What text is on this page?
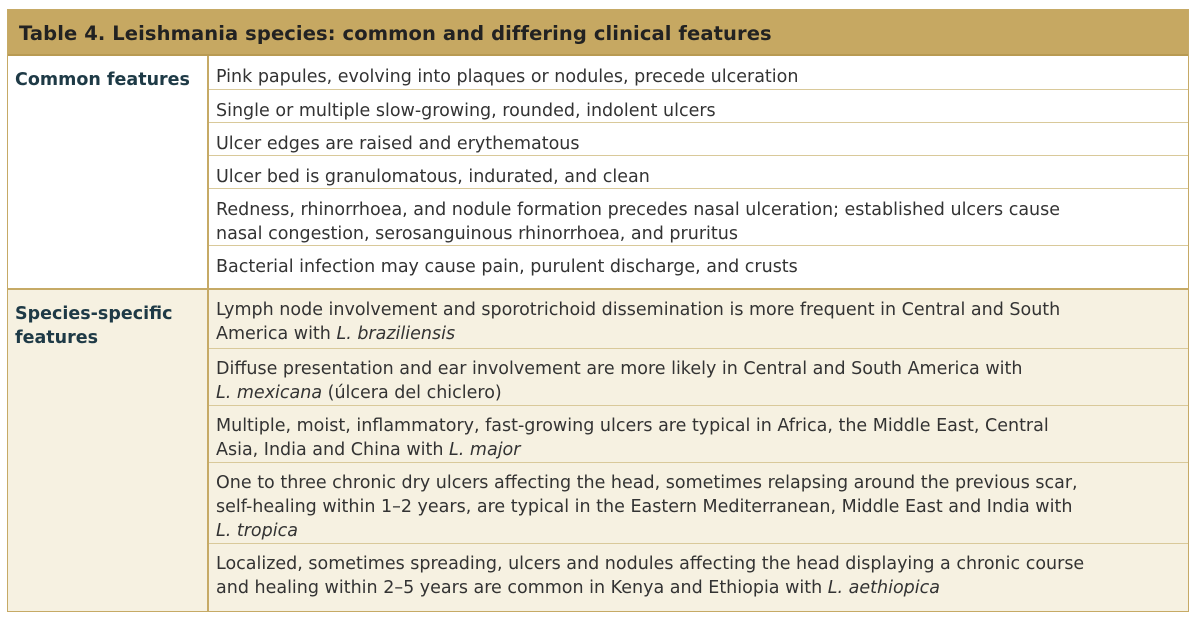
Table 4. Leishmania species: common and differing clinical features
Common features Pink papules, evolving into plaques or nodules, precede ulceration
Single or multiple slow-growing, rounded, indolent ulcers
Ulcer edges are raised and erythematous
Ulcer bed is granulomatous, indurated, and clean
Redness, rhinorrhoea, and nodule formation precedes nasal ulceration; established ulcers cause
nasal congestion, serosanguinous rhinorrhoea, and pruritus
Bacterial infection may cause pain, purulent discharge, and crusts
Species-specific
features
Lymph node involvement and sporotrichoid dissemination is more frequent in Central and South
America with L. braziliensis
Diffuse presentation and ear involvement are more likely in Central and South America with
L. mexicana (úlcera del chiclero)
Multiple, moist, inflammatory, fast-growing ulcers are typical in Africa, the Middle East, Central
Asia, India and China with L. major
One to three chronic dry ulcers affecting the head, sometimes relapsing around the previous scar,
self-healing within 1–2 years, are typical in the Eastern Mediterranean, Middle East and India with
L. tropica
Localized, sometimes spreading, ulcers and nodules affecting the head displaying a chronic course
and healing within 2–5 years are common in Kenya and Ethiopia with L. aethiopica
